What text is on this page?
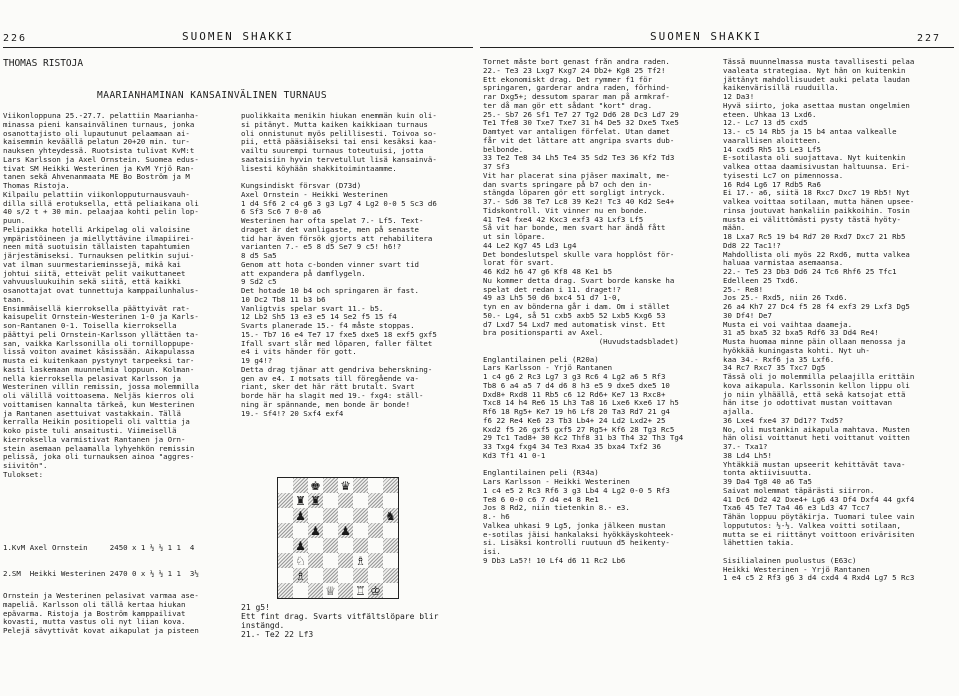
226	SUOMEN SHAKKI
THOMAS RISTOJA
MAARIANHAMINAN KANSAINVÄLINEN TURNAUS
Viikonloppuna 25.-27.7. pelattiin Maarianha-
minassa pieni kansainvälinen turnaus, jonka
osanottajisto oli lupautunut pelaamaan ai-
kaisemmin keväällä pelatun 20+20 min. tur-
nauksen yhteydessä. Ruotsista tulivat KvM:t
Lars Karlsson ja Axel Ornstein. Suomea edus-
tivat SM Heikki Westerinen ja KvM Yrjö Ran-
tanen sekä Ahvenanmaata ME Bo Boström ja M
Thomas Ristoja.
Kilpailu pelattiin viikonlopputurnausvauh-
dilla sillä erotuksella, että peliaikana oli
40 s/2 t + 30 min. pelaajaa kohti pelin lop-
puun.
Pelipaikka hotelli Arkipelag oli valoisine
ympäristöineen ja miellyttävine ilmapiirei-
neen mitä suotuisin tällaisten tapahtumien
järjestämiseksi. Turnauksen pelitkin sujui-
vat ilman suurmestarieminssejä, mikä kai
johtui siitä, etteivät pelit vaikuttaneet
vahvuusluukuihin sekä siitä, että kaikki
osanottajat ovat tunnettuja kamppailunhalus-
taan.
Ensimmäisellä kierroksella päättyivät rat-
kaisupelit Ornstein-Westerinen 1-0 ja Karls-
son-Rantanen 0-1. Toisella kierroksella
päättyi peli Ornstein-Karlsson yllättäen ta-
san, vaikka Karlssonilla oli tornilloppupe-
lissä voiton avaimet käsissään. Aikapulassa
musta ei kuitenkaan pystynyt tarpeeksi tar-
kasti laskemaan muunnelmia loppuun. Kolman-
nella kierroksella pelasivat Karlsson ja
Westerinen villin remissin, jossa molemmilla
oli välillä voittoasema. Neljäs kierros oli
voittamisen kannalta tärkeä, kun Westerinen
ja Rantanen asettuivat vastakkain. Tällä
kerralla Heikin positiopeli oli valttia ja
koko piste tuli ansaitusti. Viimeisellä
kierroksella varmistivat Rantanen ja Orn-
stein asemaan pelaamalla lyhyehkön remissin
pelissä, joka oli turnauksen ainoa "aggres-
siivitön".
Tulokset:

1.KvM Axel Ornstein     2450 x 1 ½ ½ 1 1  4

2.SM  Heikki Westerinen 2470 0 x ½ ½ 1 1  3½

Ornstein ja Westerinen pelasivat varmaa ase-
mapeliä. Karlsson oli tällä kertaa hiukan
epävarma. Ristoja ja Boström kamppailivat
kovasti, mutta vastus oli nyt liian kova.
Pelejä sävyttivät kovat aikapulat ja pisteen
puolikkaita menikin hiukan enemmän kuin oli-
si pitänyt. Mutta kaiken kaikkiaan turnaus
oli onnistunut myös pelillisesti. Toivoa so-
pii, että pääsiäiseksi tai ensi kesäksi kaa-
vailtu suurempi turnaus toteutuisi, jotta
saataisiin hyvin tervetullut lisä kansainvä-
lisesti köyhään shakkitoimintaamme.

Kungsindiskt försvar (D73d)
Axel Ornstein - Heikki Westerinen
1 d4 Sf6 2 c4 g6 3 g3 Lg7 4 Lg2 0-0 5 Sc3 d6
6 Sf3 Sc6 7 0-0 a6
Westerinen har ofta spelat 7.- Lf5. Text-
draget är det vanligaste, men på senaste
tid har även försök gjorts att rehabilitera
varianten 7.- e5 8 d5 Se7 9 c5! h6!?
8 d5 Sa5
Genom att hota c-bonden vinner svart tid
att expandera på damflygeln.
9 Sd2 c5
Det hotade 10 b4 och springaren är fast.
10 Dc2 Tb8 11 b3 b6
Vanligtvis spelar svart 11.- b5.
12 Lb2 Sh5 13 e3 e5 14 Se2 f5 15 f4
Svarts planerade 15.- f4 måste stoppas.
15.- Tb7 16 e4 Te7 17 fxe5 dxe5 18 exf5 gxf5
Ifall svart slår med löparen, faller fältet
e4 i vits händer för gott.
19 g4!?
Detta drag tjänar att gendriva beherskning-
gen av e4. I motsats till föregående va-
riant, sker det här rätt brutalt. Svart
borde här ha slagit med 19.- fxg4: ställ-
ning är spännande, men bonde är bonde!
19.- Sf4!? 20 Sxf4 exf4
♚ ♛
♜ ♜
♟	♞
♟ ♟
♟
♘	♗
♗
♕ ♖ ♔
21 g5!
Ett fint drag. Svarts vitfältslöpare blir
instängd.
21.- Te2 22 Lf3
SUOMEN SHAKKI	227
Tornet måste bort genast från andra raden.
22.- Te3 23 Lxg7 Kxg7 24 Db2+ Kg8 25 Tf2!
Ett ekonomiskt drag. Det rymmer f1 för
springaren, garderar andra raden, förhind-
rar Dxg5+; dessutom sparar man på armkraf-
ter då man gör ett sådant "kort" drag.
25.- Sb7 26 Sf1 Te7 27 Tg2 Dd6 28 Dc3 Ld7 29
Te1 Tfe8 30 Txe7 Txe7 31 h4 De5 32 Dxe5 Txe5
Damtyet var antaligen förfelat. Utan damet
får vit det lättare att angripa svarts dub-
belbonde.
33 Te2 Te8 34 Lh5 Te4 35 Sd2 Te3 36 Kf2 Td3
37 Sf3
Vit har placerat sina pjäser maximalt, me-
dan svarts springare på b7 och den in-
stängda löparen gör ett sorgligt intryck.
37.- Sd6 38 Te7 Lc8 39 Ke2! Tc3 40 Kd2 Se4+
Tidskontroll. Vit vinner nu en bonde.
41 Te4 fxe4 42 Kxc3 exf3 43 Lxf3 Lf5
Så vit har bonde, men svart har ändå fått
ut sin löpare.
44 Le2 Kg7 45 Ld3 Lg4
Det bondeslutspel skulle vara hopplöst för-
lorat för svart.
46 Kd2 h6 47 g6 Kf8 48 Ke1 b5
Nu kommer detta drag. Svart borde kanske ha
spelat det redan i 11. draget!?
49 a3 Lh5 50 d6 bxc4 51 d7 1-0,
tyn en av bönderna går i dam. Om i stället
50.- Lg4, så 51 cxb5 axb5 52 Lxb5 Kxg6 53
d7 Lxd7 54 Lxd7 med automatisk vinst. Ett
bra positionsparti av Axel.
(Huvudstadsbladet)

Englantilainen peli (R20a)
Lars Karlsson - Yrjö Rantanen
1 c4 g6 2 Rc3 Lg7 3 g3 Rc6 4 Lg2 a6 5 Rf3
Tb8 6 a4 a5 7 d4 d6 8 h3 e5 9 dxe5 dxe5 10
Dxd8+ Rxd8 11 Rb5 c6 12 Rd6+ Ke7 13 Rxc8+
Txc8 14 h4 Re6 15 Lh3 Ta8 16 Lxe6 Kxe6 17 h5
Rf6 18 Rg5+ Ke7 19 h6 Lf8 20 Ta3 Rd7 21 g4
f6 22 Re4 Ke6 23 Tb3 Lb4+ 24 Ld2 Lxd2+ 25
Kxd2 f5 26 gxf5 gxf5 27 Rg5+ Kf6 28 Tg3 Rc5
29 Tc1 Tad8+ 30 Kc2 Thf8 31 b3 Th4 32 Th3 Tg4
33 Txg4 fxg4 34 Te3 Rxa4 35 bxa4 Txf2 36
Kd3 Tf1 41 0-1

Englantilainen peli (R34a)
Lars Karlsson - Heikki Westerinen
1 c4 e5 2 Rc3 Rf6 3 g3 Lb4 4 Lg2 0-0 5 Rf3
Te8 6 0-0 c6 7 d4 e4 8 Re1
Jos 8 Rd2, niin tietenkin 8.- e3.
8.- h6
Valkea uhkasi 9 Lg5, jonka jälkeen mustan
e-sotilas jäisi hankalaksi hyökkäyskohteek-
si. Lisäksi kontrolli ruutuun d5 heikenty-
isi.
9 Db3 La5?! 10 Lf4 d6 11 Rc2 Lb6
Tässä muunnelmassa musta tavallisesti pelaa
vaaleata strategiaa. Nyt hän on kuitenkin
jättänyt mahdollisuudet auki pelata laudan
kaikenvärisillä ruuduilla.
12 Da3!
Hyvä siirto, joka asettaa mustan ongelmien
eteen. Uhkaa 13 Lxd6.
12.- Lc7 13 d5 cxd5
13.- c5 14 Rb5 ja 15 b4 antaa valkealle
vaarallisen aloitteen.
14 cxd5 Rh5 15 Le3 Lf5
E-sotilasta oli suojattava. Nyt kuitenkin
valkea ottaa daamisivustan haltuunsa. Eri-
tyisesti Lc7 on pimennossa.
16 Rd4 Lg6 17 Rdb5 Ra6
Ei 17.- a6, siitä 18 Rxc7 Dxc7 19 Rb5! Nyt
valkea voittaa sotilaan, mutta hänen upsee-
rinsa joutuvat hankaliin paikkoihin. Tosin
musta ei välittömästi pysty tästä hyöty-
mään.
18 Lxa7 Rc5 19 b4 Rd7 20 Rxd7 Dxc7 21 Rb5
Dd8 22 Tac1!?
Mahdollista oli myös 22 Rxd6, mutta valkea
haluaa varmistaa asemaansa.
22.- Te5 23 Db3 Dd6 24 Tc6 Rhf6 25 Tfc1
Edelleen 25 Txd6.
25.- Re8!
Jos 25.- Rxd5, niin 26 Txd6.
26 a4 Kh7 27 Dc4 f5 28 f4 exf3 29 Lxf3 Dg5
30 Df4! De7
Musta ei voi vaihtaa daameja.
31 a5 bxa5 32 bxa5 Rdf6 33 Dd4 Re4!
Musta huomaa minne päin ollaan menossa ja
hyökkää kuningasta kohti. Nyt uh-
kaa 34.- Rxf6 ja 35 Lxf6.
34 Rc7 Rxc7 35 Txc7 Dg5
Tässä oli jo molemmilla pelaajilla erittäin
kova aikapula. Karlssonin kellon lippu oli
jo niin ylhäällä, että sekä katsojat että
hän itse jo odottivat mustan voittavan
ajalla.
36 Lxe4 fxe4 37 Dd1?? Txd5?
No, oli mustankin aikapula mahtava. Musten
hän olisi voittanut heti voittanut voitten
37.- Txa1?
38 Ld4 Lh5!
Yhtäkkiä mustan upseerit kehittävät tava-
tonta aktiivisuutta.
39 Da4 Tg8 40 a6 Ta5
Saivat molemmat täpärästi siirron.
41 Dc6 Dd2 42 Dxe4+ Lg6 43 Df4 Dxf4 44 gxf4
Txa6 45 Te7 Ta4 46 e3 Ld3 47 Tcc7
Tähän loppuu pöytäkirja. Tuomari tulee vain
loppututos: ½-½. Valkea voitti sotilaan,
mutta se ei riittänyt voittoon erivärisiten
lähettien takia.

Sisilialainen puolustus (E63c)
Heikki Westerinen - Yrjö Rantanen
1 e4 c5 2 Rf3 g6 3 d4 cxd4 4 Rxd4 Lg7 5 Rc3
